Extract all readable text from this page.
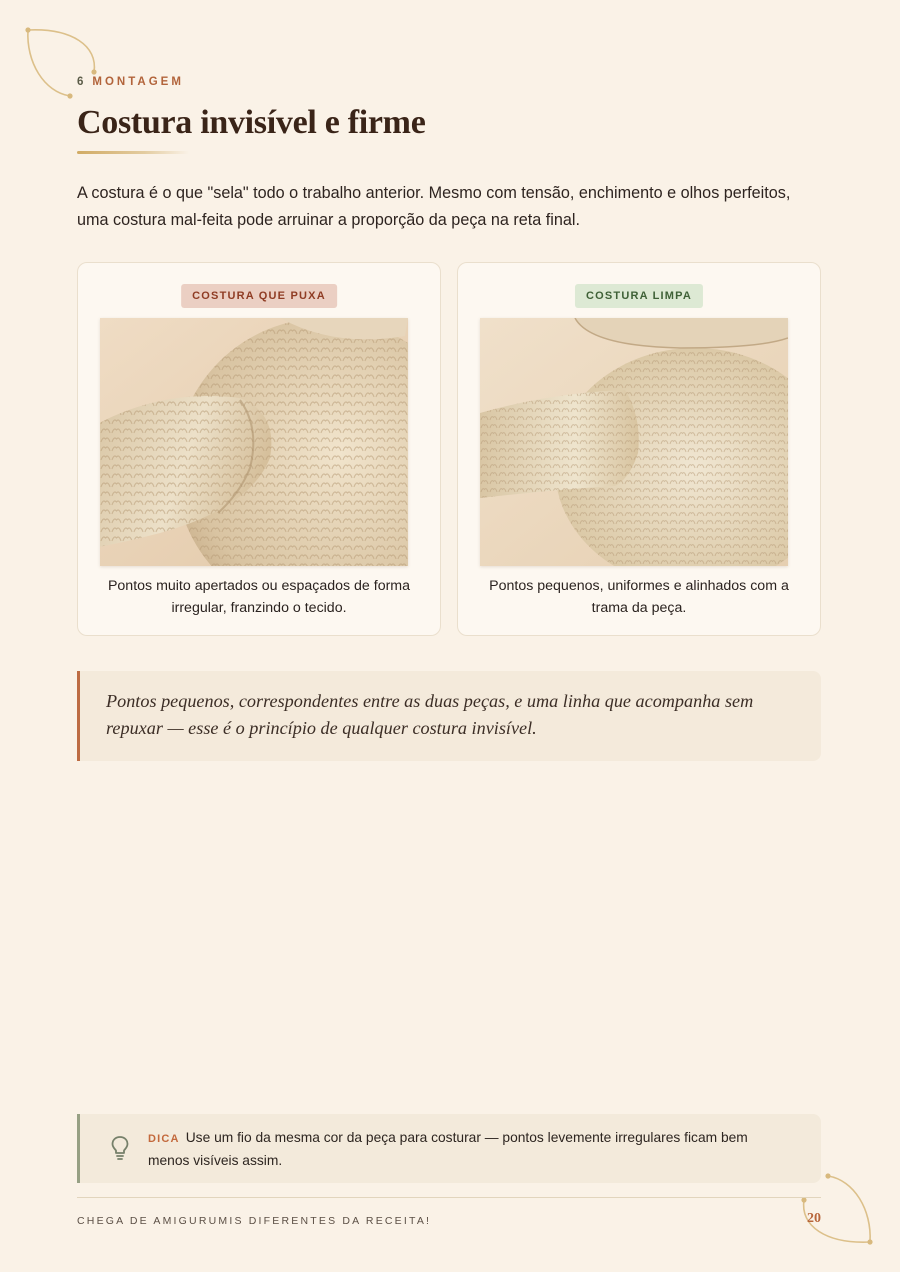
6 MONTAGEM
Costura invisível e firme

A costura é o que "sela" todo o trabalho anterior. Mesmo com tensão, enchimento e olhos perfeitos, uma costura mal-feita pode arruinar a proporção da peça na reta final.

COSTURA QUE PUXA

Pontos muito apertados ou espaçados de forma irregular, franzindo o tecido.

COSTURA LIMPA

Pontos pequenos, uniformes e alinhados com a trama da peça.

Pontos pequenos, correspondentes entre as duas peças, e uma linha que acompanha sem repuxar — esse é o princípio de qualquer costura invisível.

DICA Use um fio da mesma cor da peça para costurar — pontos levemente irregulares ficam bem menos visíveis assim.

CHEGA DE AMIGURUMIS DIFERENTES DA RECEITA!	20
